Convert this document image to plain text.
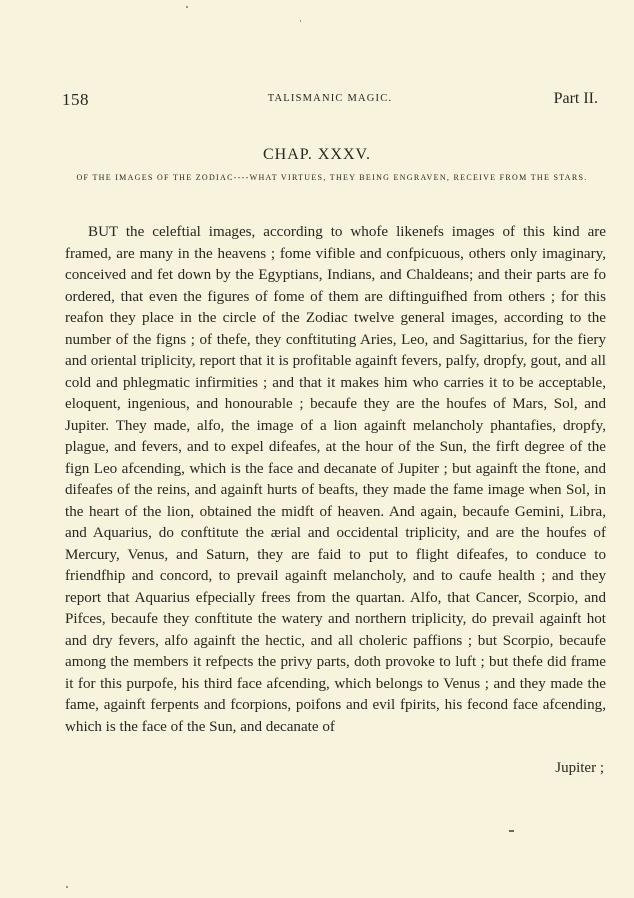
158	TALISMANIC MAGIC.	Part II.
CHAP. XXXV.
OF THE IMAGES OF THE ZODIAC----WHAT VIRTUES, THEY BEING ENGRAVEN, RECEIVE FROM THE STARS.

BUT the celeftial images, according to whofe likenefs images of this kind are framed, are many in the heavens ; fome vifible and confpicuous, others only imaginary, conceived and fet down by the Egyptians, Indians, and Chaldeans; and their parts are fo ordered, that even the figures of fome of them are diftinguifhed from others ; for this reafon they place in the circle of the Zodiac twelve general images, according to the number of the figns ; of thefe, they conftituting Aries, Leo, and Sagittarius, for the fiery and oriental triplicity, report that it is profitable againft fevers, palfy, dropfy, gout, and all cold and phlegmatic infirmities ; and that it makes him who carries it to be acceptable, eloquent, ingenious, and honourable ; becaufe they are the houfes of Mars, Sol, and Jupiter. They made, alfo, the image of a lion againft melancholy phantafies, dropfy, plague, and fevers, and to expel difeafes, at the hour of the Sun, the firft degree of the fign Leo afcending, which is the face and decanate of Jupiter ; but againft the ftone, and difeafes of the reins, and againft hurts of beafts, they made the fame image when Sol, in the heart of the lion, obtained the midft of heaven. And again, becaufe Gemini, Libra, and Aquarius, do conftitute the ærial and occidental triplicity, and are the houfes of Mercury, Venus, and Saturn, they are faid to put to flight difeafes, to conduce to friendfhip and concord, to prevail againft melancholy, and to caufe health ; and they report that Aquarius efpecially frees from the quartan. Alfo, that Cancer, Scorpio, and Pifces, becaufe they conftitute the watery and northern triplicity, do prevail againft hot and dry fevers, alfo againft the hectic, and all choleric paffions ; but Scorpio, becaufe among the members it refpects the privy parts, doth provoke to luft ; but thefe did frame it for this purpofe, his third face afcending, which belongs to Venus ; and they made the fame, againft ferpents and fcorpions, poifons and evil fpirits, his fecond face afcending, which is the face of the Sun, and decanate of

Jupiter ;
